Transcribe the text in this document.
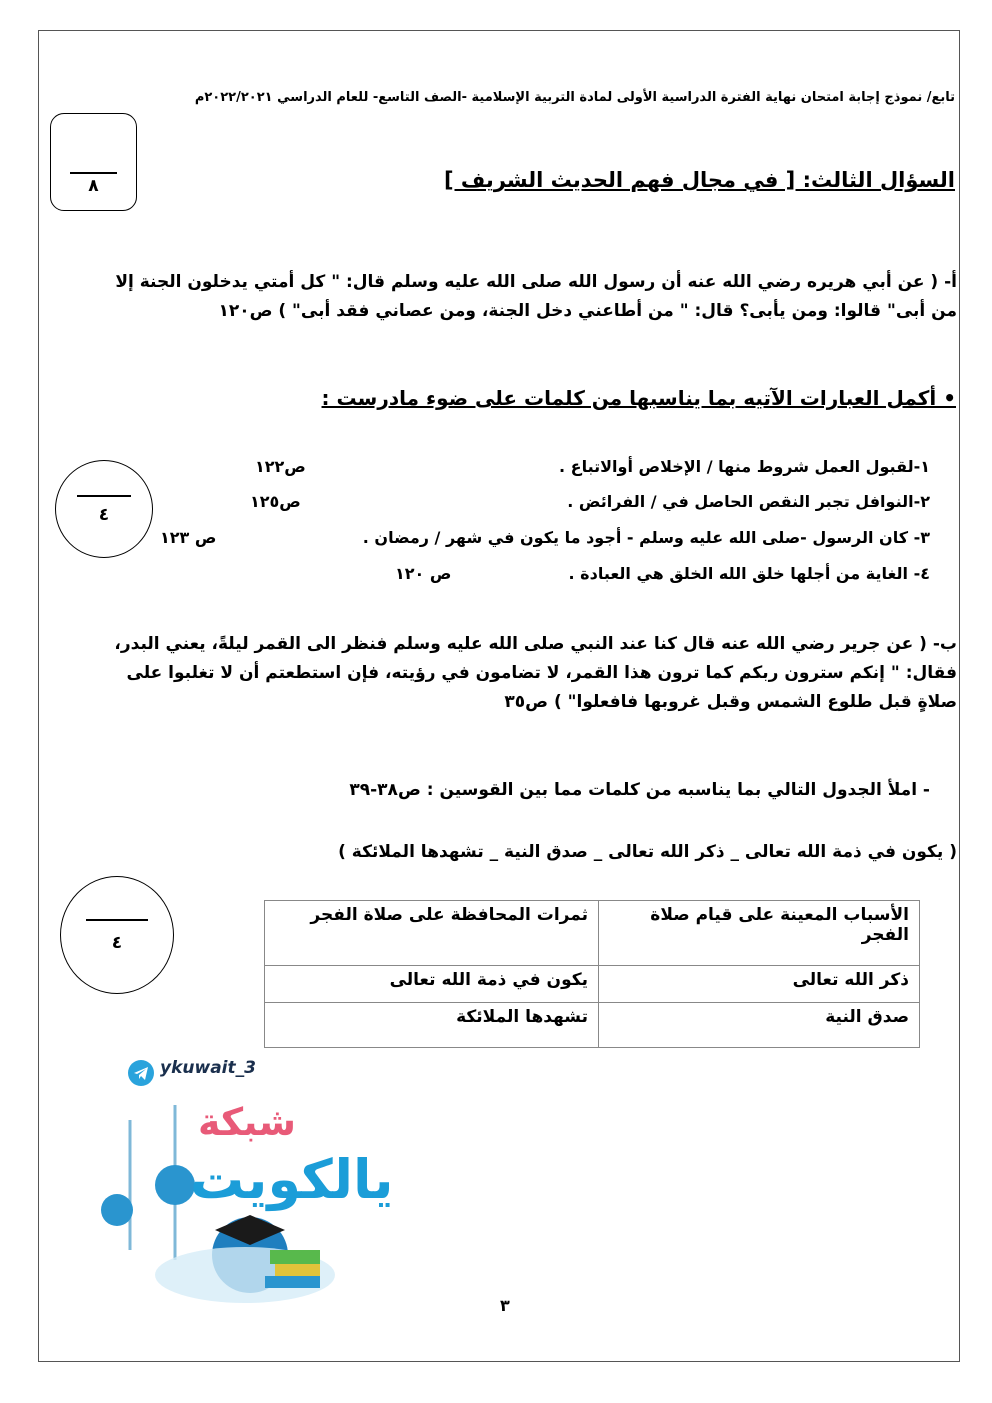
تابع/ نموذج إجابة امتحان نهاية الفترة الدراسية الأولى لمادة التربية الإسلامية -الصف التاسع- للعام الدراسي ٢٠٢٢/٢٠٢١م
٨	السؤال الثالث: [ في مجال فهم الحديث الشريف ]
أ- ( عن أبي هريره رضي الله عنه أن رسول الله صلى الله عليه وسلم قال: " كل أمتي يدخلون الجنة إلا
من أبى" قالوا: ومن يأبى؟ قال: " من أطاعني دخل الجنة، ومن عصاني فقد أبى" ) ص١٢٠
• أكمل العبارات الآتيه بما يناسبها من كلمات على ضوء مادرست :
٤
١-لقبول العمل شروط منها / الإخلاص أوالاتباع .
ص١٢٢
٢-النوافل تجبر النقص الحاصل في / الفرائض .
ص١٢٥
٣- كان الرسول -صلى الله عليه وسلم - أجود ما يكون في شهر / رمضان .
ص ١٢٣
٤- الغاية من أجلها خلق الله الخلق هي العبادة .
ص ١٢٠
ب- ( عن جرير رضي الله عنه قال كنا عند النبي صلى الله عليه وسلم فنظر الى القمر ليلةً، يعني البدر،
فقال: " إنكم سترون ربكم كما ترون هذا القمر، لا تضامون في رؤيته، فإن استطعتم أن لا تغلبوا على
صلاةٍ قبل طلوع الشمس وقبل غروبها فافعلوا" ) ص٣٥
- املأ الجدول التالي بما يناسبه من كلمات مما بين القوسين : ص٣٨-٣٩
( يكون في ذمة الله تعالى _ ذكر الله تعالى _ صدق النية _ تشهدها الملائكة )
٤
الأسباب المعينة على قيام صلاة الفجر	ثمرات المحافظة على صلاة الفجر
ذكر الله تعالى	يكون في ذمة الله تعالى
صدق النية	تشهدها الملائكة
ykuwait_3
شبكة
يالكويت
٣
